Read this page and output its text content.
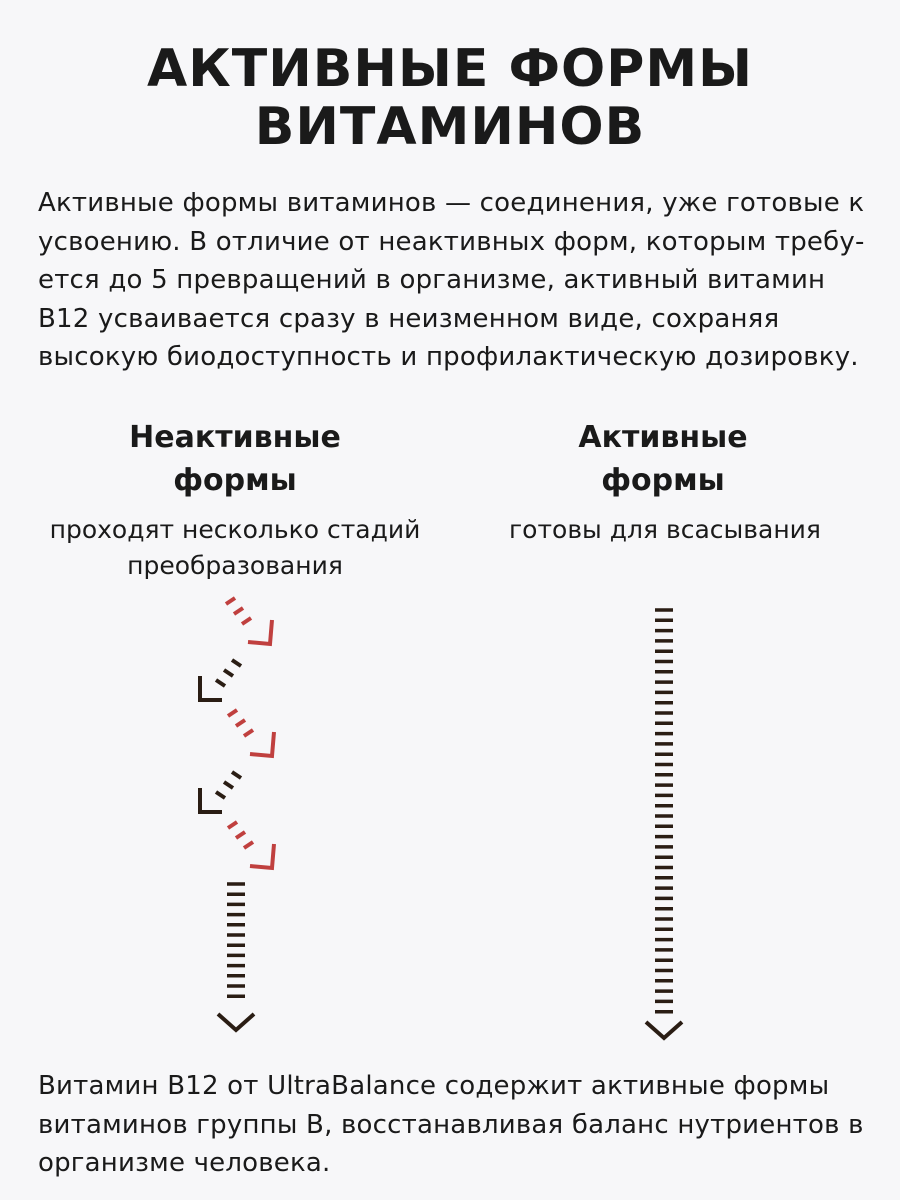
АКТИВНЫЕ ФОРМЫ
ВИТАМИНОВ

Активные формы витаминов — соединения, уже готовые к усвоению. В отличие от неактивных форм, которым требуется до 5 превращений в организме, активный витамин B12 усваивается сразу в неизменном виде, сохраняя высокую биодоступность и профилактическую дозировку.

Неактивные
формы

проходят несколько стадий преобразования

Активные
формы

готовы для всасывания

Витамин B12 от UltraBalance содержит активные формы витаминов группы В, восстанавливая баланс нутриентов в организме человека.
